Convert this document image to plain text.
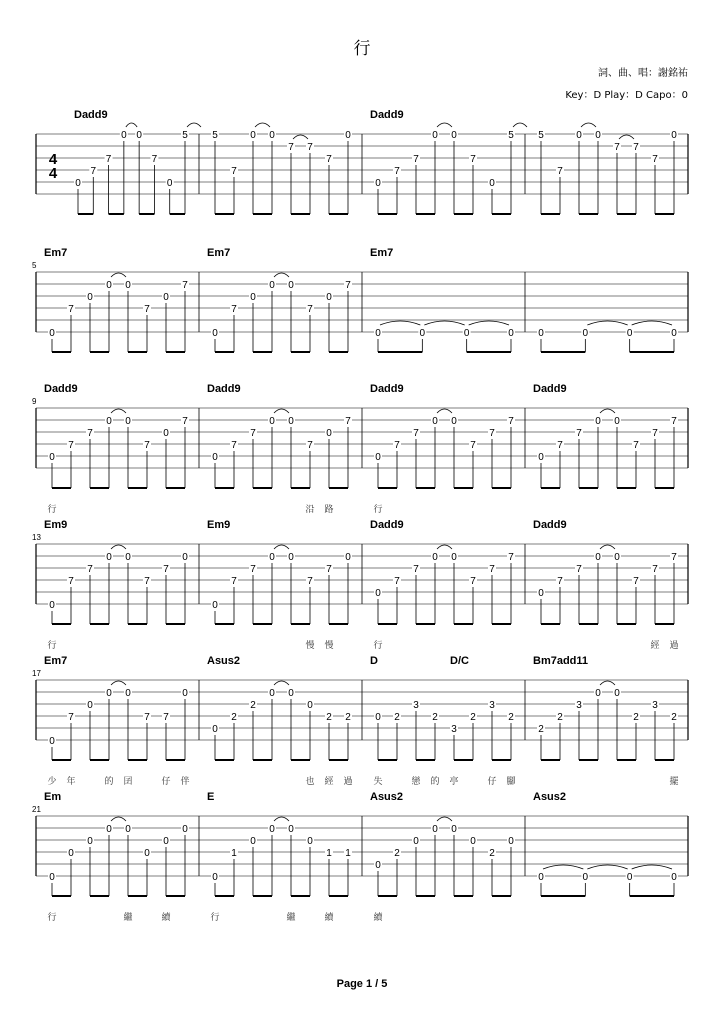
行
詞、曲、唱：謝銘祐
Key：D Play：D Capo：0
4
4
Dadd9
0
7
7
0 0
7
0
5 5
7
0 0
7 7
7
0
Dadd9
0
7
7
0 0
7
0
5 5
7
0 0
7 7
7
0
5
Em7
0
7
0
0 0
7
0
7
Em7
0
7
0
0 0
7
0
7
Em7
0	0	0	0 0	0	0	0
9
Dadd9
0
7
7
0 0
7
0
7
行
Dadd9
0
7
7
0 0
7
0
7
沿 路
Dadd9
0
7
7
0 0
7
7
7
行
Dadd9
0
7
7
0 0
7
7
7
13
Em9
0
7
7
0 0
7
7
0
行
Em9
0
7
7
0 0
7
7
0
慢 慢
Dadd9
0
7
7
0 0
7
7
7
行
Dadd9
0
7
7
0 0
7
7
7
經 過
17
Em7
0
7
0
0 0
7 7
0
少 年	的 囝	仔 伴
Asus2
0
2
2
0 0
0
2 2
也 經 過
D	D/C
0 2
3
2
3
2
3
2
失	戀 的 亭	仔 腳
Bm7add11
2
2
3
0 0
2
3
2
擺
21
Em
0
0
0
0 0
0
0
0
行	繼	續
E
0
1
0
0 0
0
1 1
行	繼	續
Asus2
0
2
0
0 0
0
2
0
續
Asus2
0	0	0	0
Page 1 / 5
